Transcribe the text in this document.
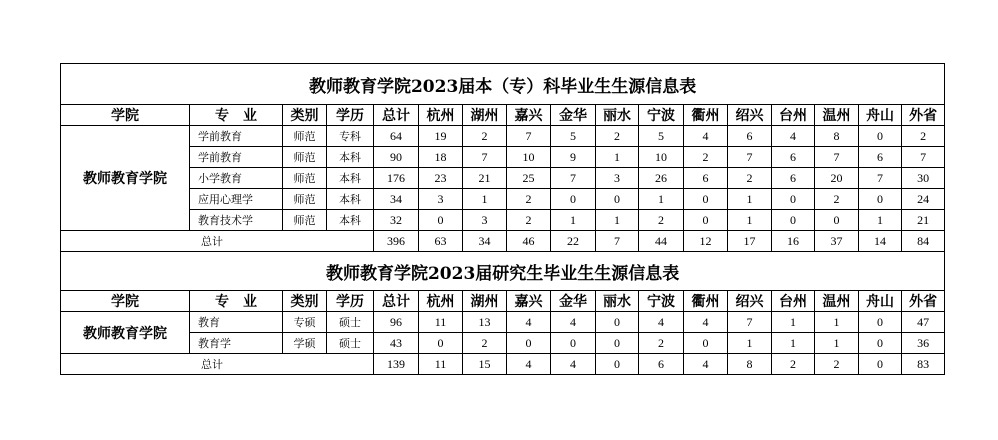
教师教育学院2023届本（专）科毕业生生源信息表																
学院	专　业	类别	学历	总计	杭州	湖州	嘉兴	金华	丽水	宁波	衢州	绍兴	台州	温州	舟山	外省
教师教育学院	学前教育	师范	专科	64	19	2	7	5	2	5	4	6	4	8	0	2
	学前教育	师范	本科	90	18	7	10	9	1	10	2	7	6	7	6	7
	小学教育	师范	本科	176	23	21	25	7	3	26	6	2	6	20	7	30
	应用心理学	师范	本科	34	3	1	2	0	0	1	0	1	0	2	0	24
	教育技术学	师范	本科	32	0	3	2	1	1	2	0	1	0	0	1	21
总计				396	63	34	46	22	7	44	12	17	16	37	14	84
教师教育学院2023届研究生毕业生生源信息表																
学院	专　业	类别	学历	总计	杭州	湖州	嘉兴	金华	丽水	宁波	衢州	绍兴	台州	温州	舟山	外省
教师教育学院	教育	专硕	硕士	96	11	13	4	4	0	4	4	7	1	1	0	47
	教育学	学硕	硕士	43	0	2	0	0	0	2	0	1	1	1	0	36
总计				139	11	15	4	4	0	6	4	8	2	2	0	83
